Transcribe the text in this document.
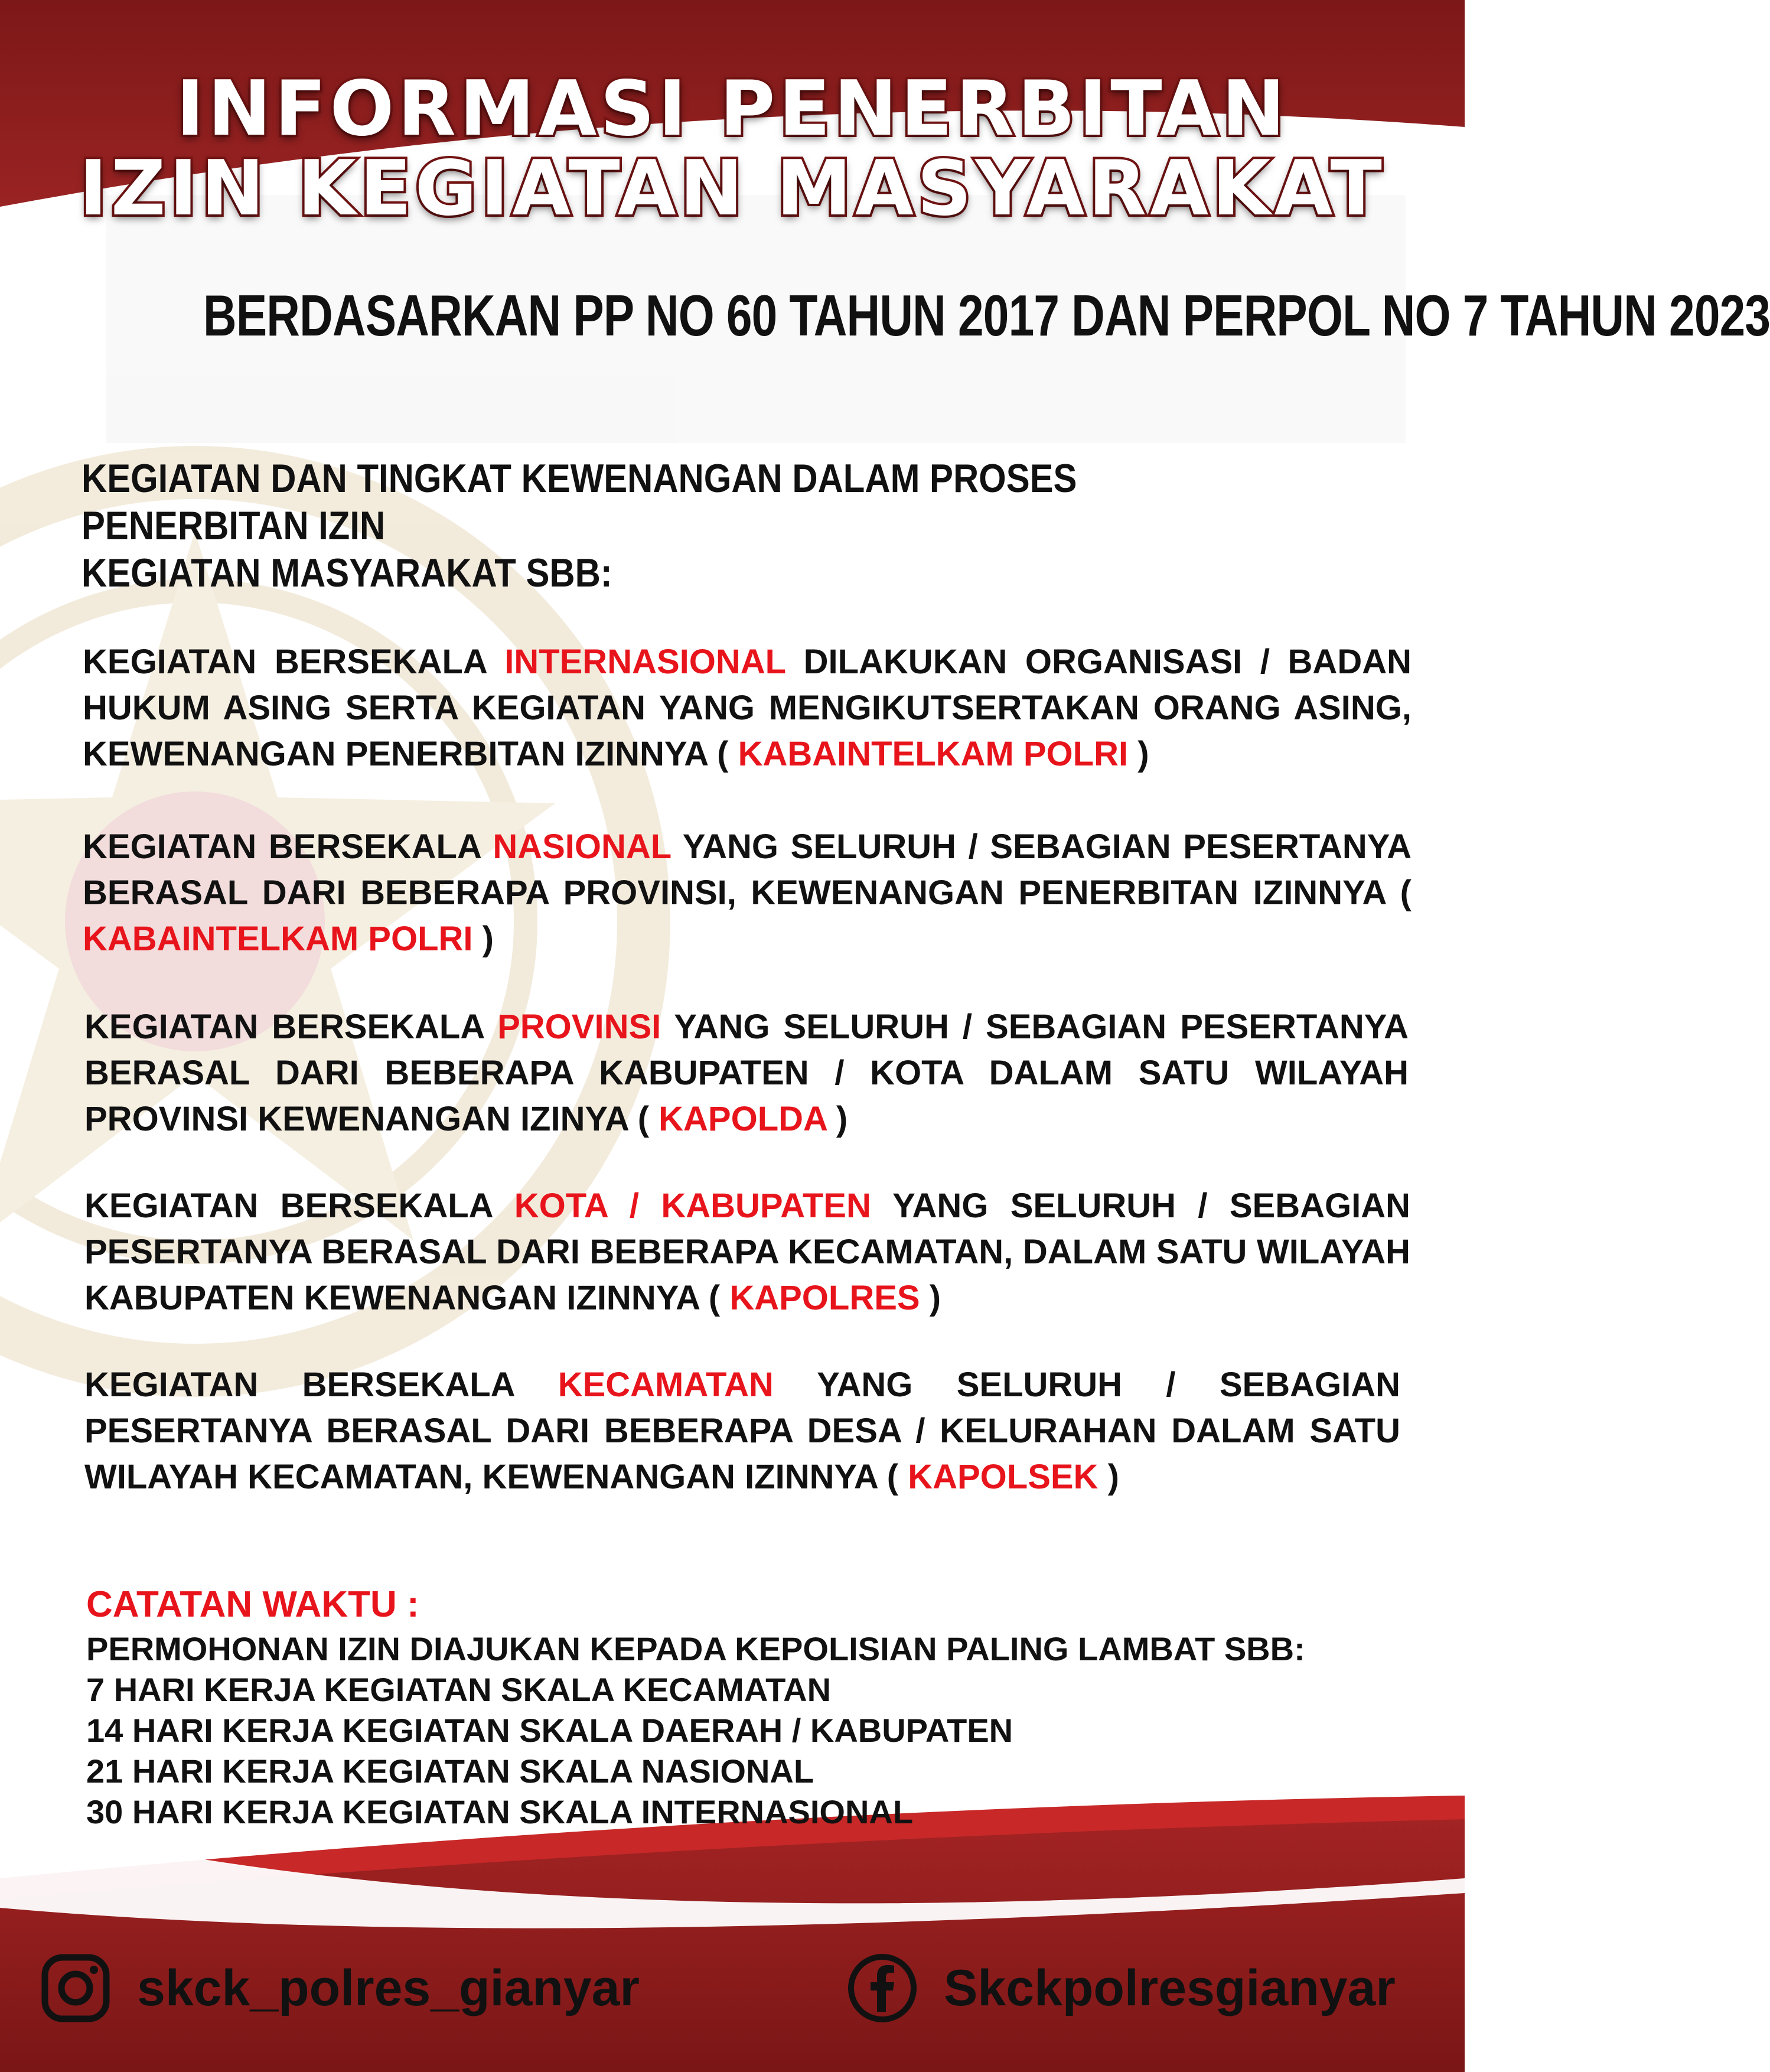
INFORMASI PENERBITAN
IZIN KEGIATAN MASYARAKAT
BERDASARKAN PP NO 60 TAHUN 2017 DAN PERPOL NO 7 TAHUN 2023
KEGIATAN DAN TINGKAT KEWENANGAN DALAM PROSES PENERBITAN IZIN
KEGIATAN MASYARAKAT SBB:
KEGIATAN BERSEKALA INTERNASIONAL DILAKUKAN ORGANISASI / BADAN HUKUM ASING SERTA KEGIATAN YANG MENGIKUTSERTAKAN ORANG ASING, KEWENANGAN PENERBITAN IZINNYA ( KABAINTELKAM POLRI )
KEGIATAN BERSEKALA NASIONAL YANG SELURUH / SEBAGIAN PESERTANYA BERASAL DARI BEBERAPA PROVINSI, KEWENANGAN PENERBITAN IZINNYA ( KABAINTELKAM POLRI )
KEGIATAN BERSEKALA PROVINSI YANG SELURUH / SEBAGIAN PESERTANYA BERASAL DARI BEBERAPA KABUPATEN / KOTA DALAM SATU WILAYAH PROVINSI KEWENANGAN IZINYA ( KAPOLDA )
KEGIATAN BERSEKALA KOTA / KABUPATEN YANG SELURUH / SEBAGIAN PESERTANYA BERASAL DARI BEBERAPA KECAMATAN, DALAM SATU WILAYAH KABUPATEN KEWENANGAN IZINNYA ( KAPOLRES )
KEGIATAN BERSEKALA KECAMATAN YANG SELURUH / SEBAGIAN PESERTANYA BERASAL DARI BEBERAPA DESA / KELURAHAN DALAM SATU WILAYAH KECAMATAN, KEWENANGAN IZINNYA ( KAPOLSEK )
CATATAN WAKTU :
PERMOHONAN IZIN DIAJUKAN KEPADA KEPOLISIAN PALING LAMBAT SBB:
7 HARI KERJA KEGIATAN SKALA KECAMATAN
14 HARI KERJA KEGIATAN SKALA DAERAH / KABUPATEN
21 HARI KERJA KEGIATAN SKALA NASIONAL
30 HARI KERJA KEGIATAN SKALA INTERNASIONAL
skck_polres_gianyar	Skckpolresgianyar
